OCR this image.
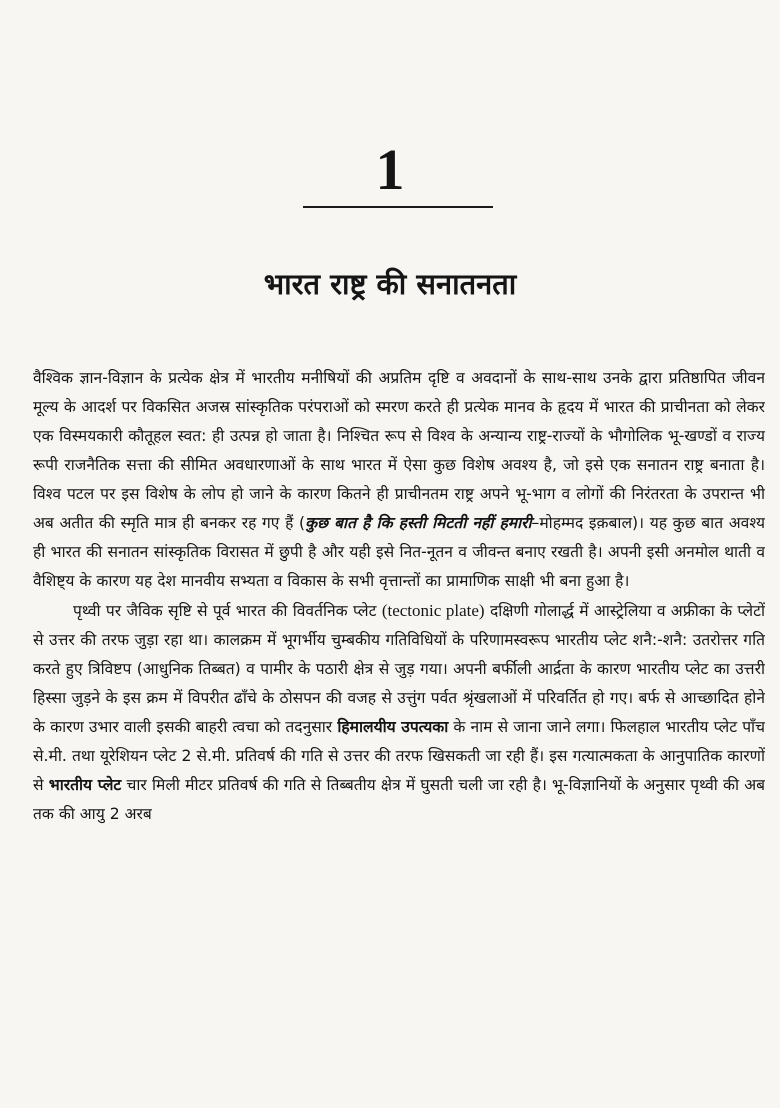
1
भारत राष्ट्र की सनातनता

वैश्विक ज्ञान-विज्ञान के प्रत्येक क्षेत्र में भारतीय मनीषियों की अप्रतिम दृष्टि व अवदानों के साथ-साथ उनके द्वारा प्रतिष्ठापित जीवन मूल्य के आदर्श पर विकसित अजस्र सांस्कृतिक परंपराओं को स्मरण करते ही प्रत्येक मानव के हृदय में भारत की प्राचीनता को लेकर एक विस्मयकारी कौतूहल स्वत: ही उत्पन्न हो जाता है। निश्चित रूप से विश्व के अन्यान्य राष्ट्र-राज्यों के भौगोलिक भू-खण्डों व राज्य रूपी राजनैतिक सत्ता की सीमित अवधारणाओं के साथ भारत में ऐसा कुछ विशेष अवश्य है, जो इसे एक सनातन राष्ट्र बनाता है। विश्व पटल पर इस विशेष के लोप हो जाने के कारण कितने ही प्राचीनतम राष्ट्र अपने भू-भाग व लोगों की निरंतरता के उपरान्त भी अब अतीत की स्मृति मात्र ही बनकर रह गए हैं (कुछ बात है कि हस्ती मिटती नहीं हमारी–मोहम्मद इक़बाल)। यह कुछ बात अवश्य ही भारत की सनातन सांस्कृतिक विरासत में छुपी है और यही इसे नित-नूतन व जीवन्त बनाए रखती है। अपनी इसी अनमोल थाती व वैशिष्ट्य के कारण यह देश मानवीय सभ्यता व विकास के सभी वृत्तान्तों का प्रामाणिक साक्षी भी बना हुआ है।

पृथ्वी पर जैविक सृष्टि से पूर्व भारत की विवर्तनिक प्लेट (tectonic plate) दक्षिणी गोलार्द्ध में आस्ट्रेलिया व अफ्रीका के प्लेटों से उत्तर की तरफ जुड़ा रहा था। कालक्रम में भूगर्भीय चुम्बकीय गतिविधियों के परिणामस्वरूप भारतीय प्लेट शनै:-शनै: उतरोत्तर गति करते हुए त्रिविष्टप (आधुनिक तिब्बत) व पामीर के पठारी क्षेत्र से जुड़ गया। अपनी बर्फीली आर्द्रता के कारण भारतीय प्लेट का उत्तरी हिस्सा जुड़ने के इस क्रम में विपरीत ढाँचे के ठोसपन की वजह से उत्तुंग पर्वत श्रृंखलाओं में परिवर्तित हो गए। बर्फ से आच्छादित होने के कारण उभार वाली इसकी बाहरी त्वचा को तदनुसार हिमालयीय उपत्यका के नाम से जाना जाने लगा। फिलहाल भारतीय प्लेट पाँच से.मी. तथा यूरेशियन प्लेट 2 से.मी. प्रतिवर्ष की गति से उत्तर की तरफ खिसकती जा रही हैं। इस गत्यात्मकता के आनुपातिक कारणों से भारतीय प्लेट चार मिली मीटर प्रतिवर्ष की गति से तिब्बतीय क्षेत्र में घुसती चली जा रही है। भू-विज्ञानियों के अनुसार पृथ्वी की अब तक की आयु 2 अरब
